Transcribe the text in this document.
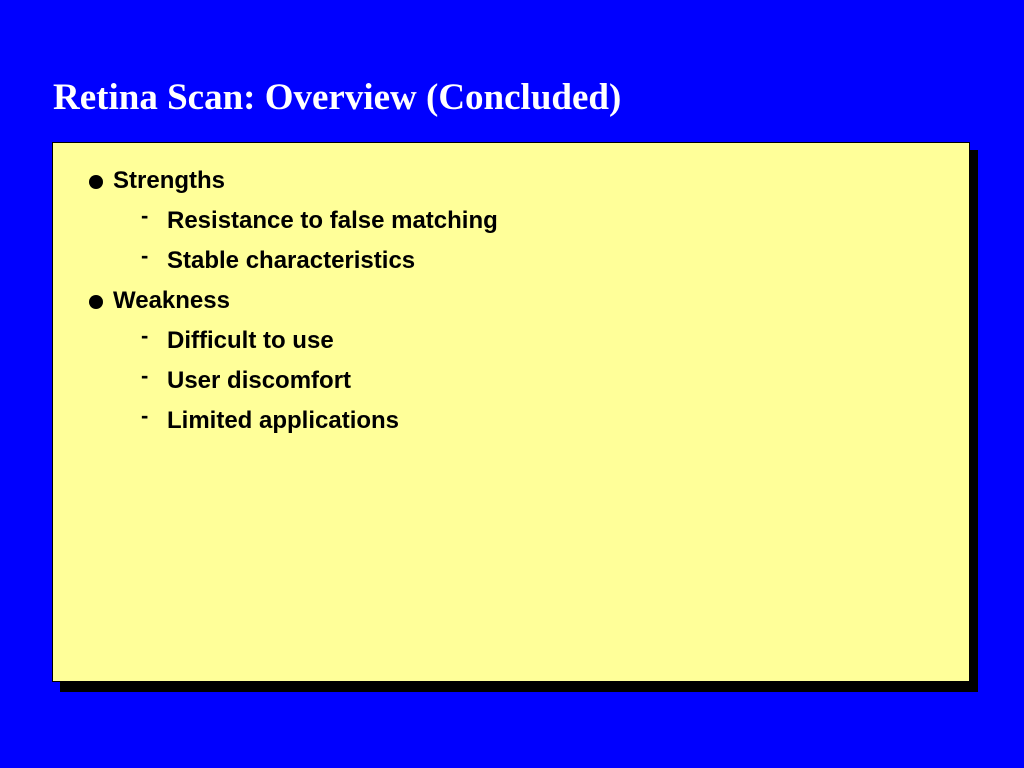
Retina Scan: Overview (Concluded)
Strengths
- Resistance to false matching
- Stable characteristics
Weakness
- Difficult to use
- User discomfort
- Limited applications
